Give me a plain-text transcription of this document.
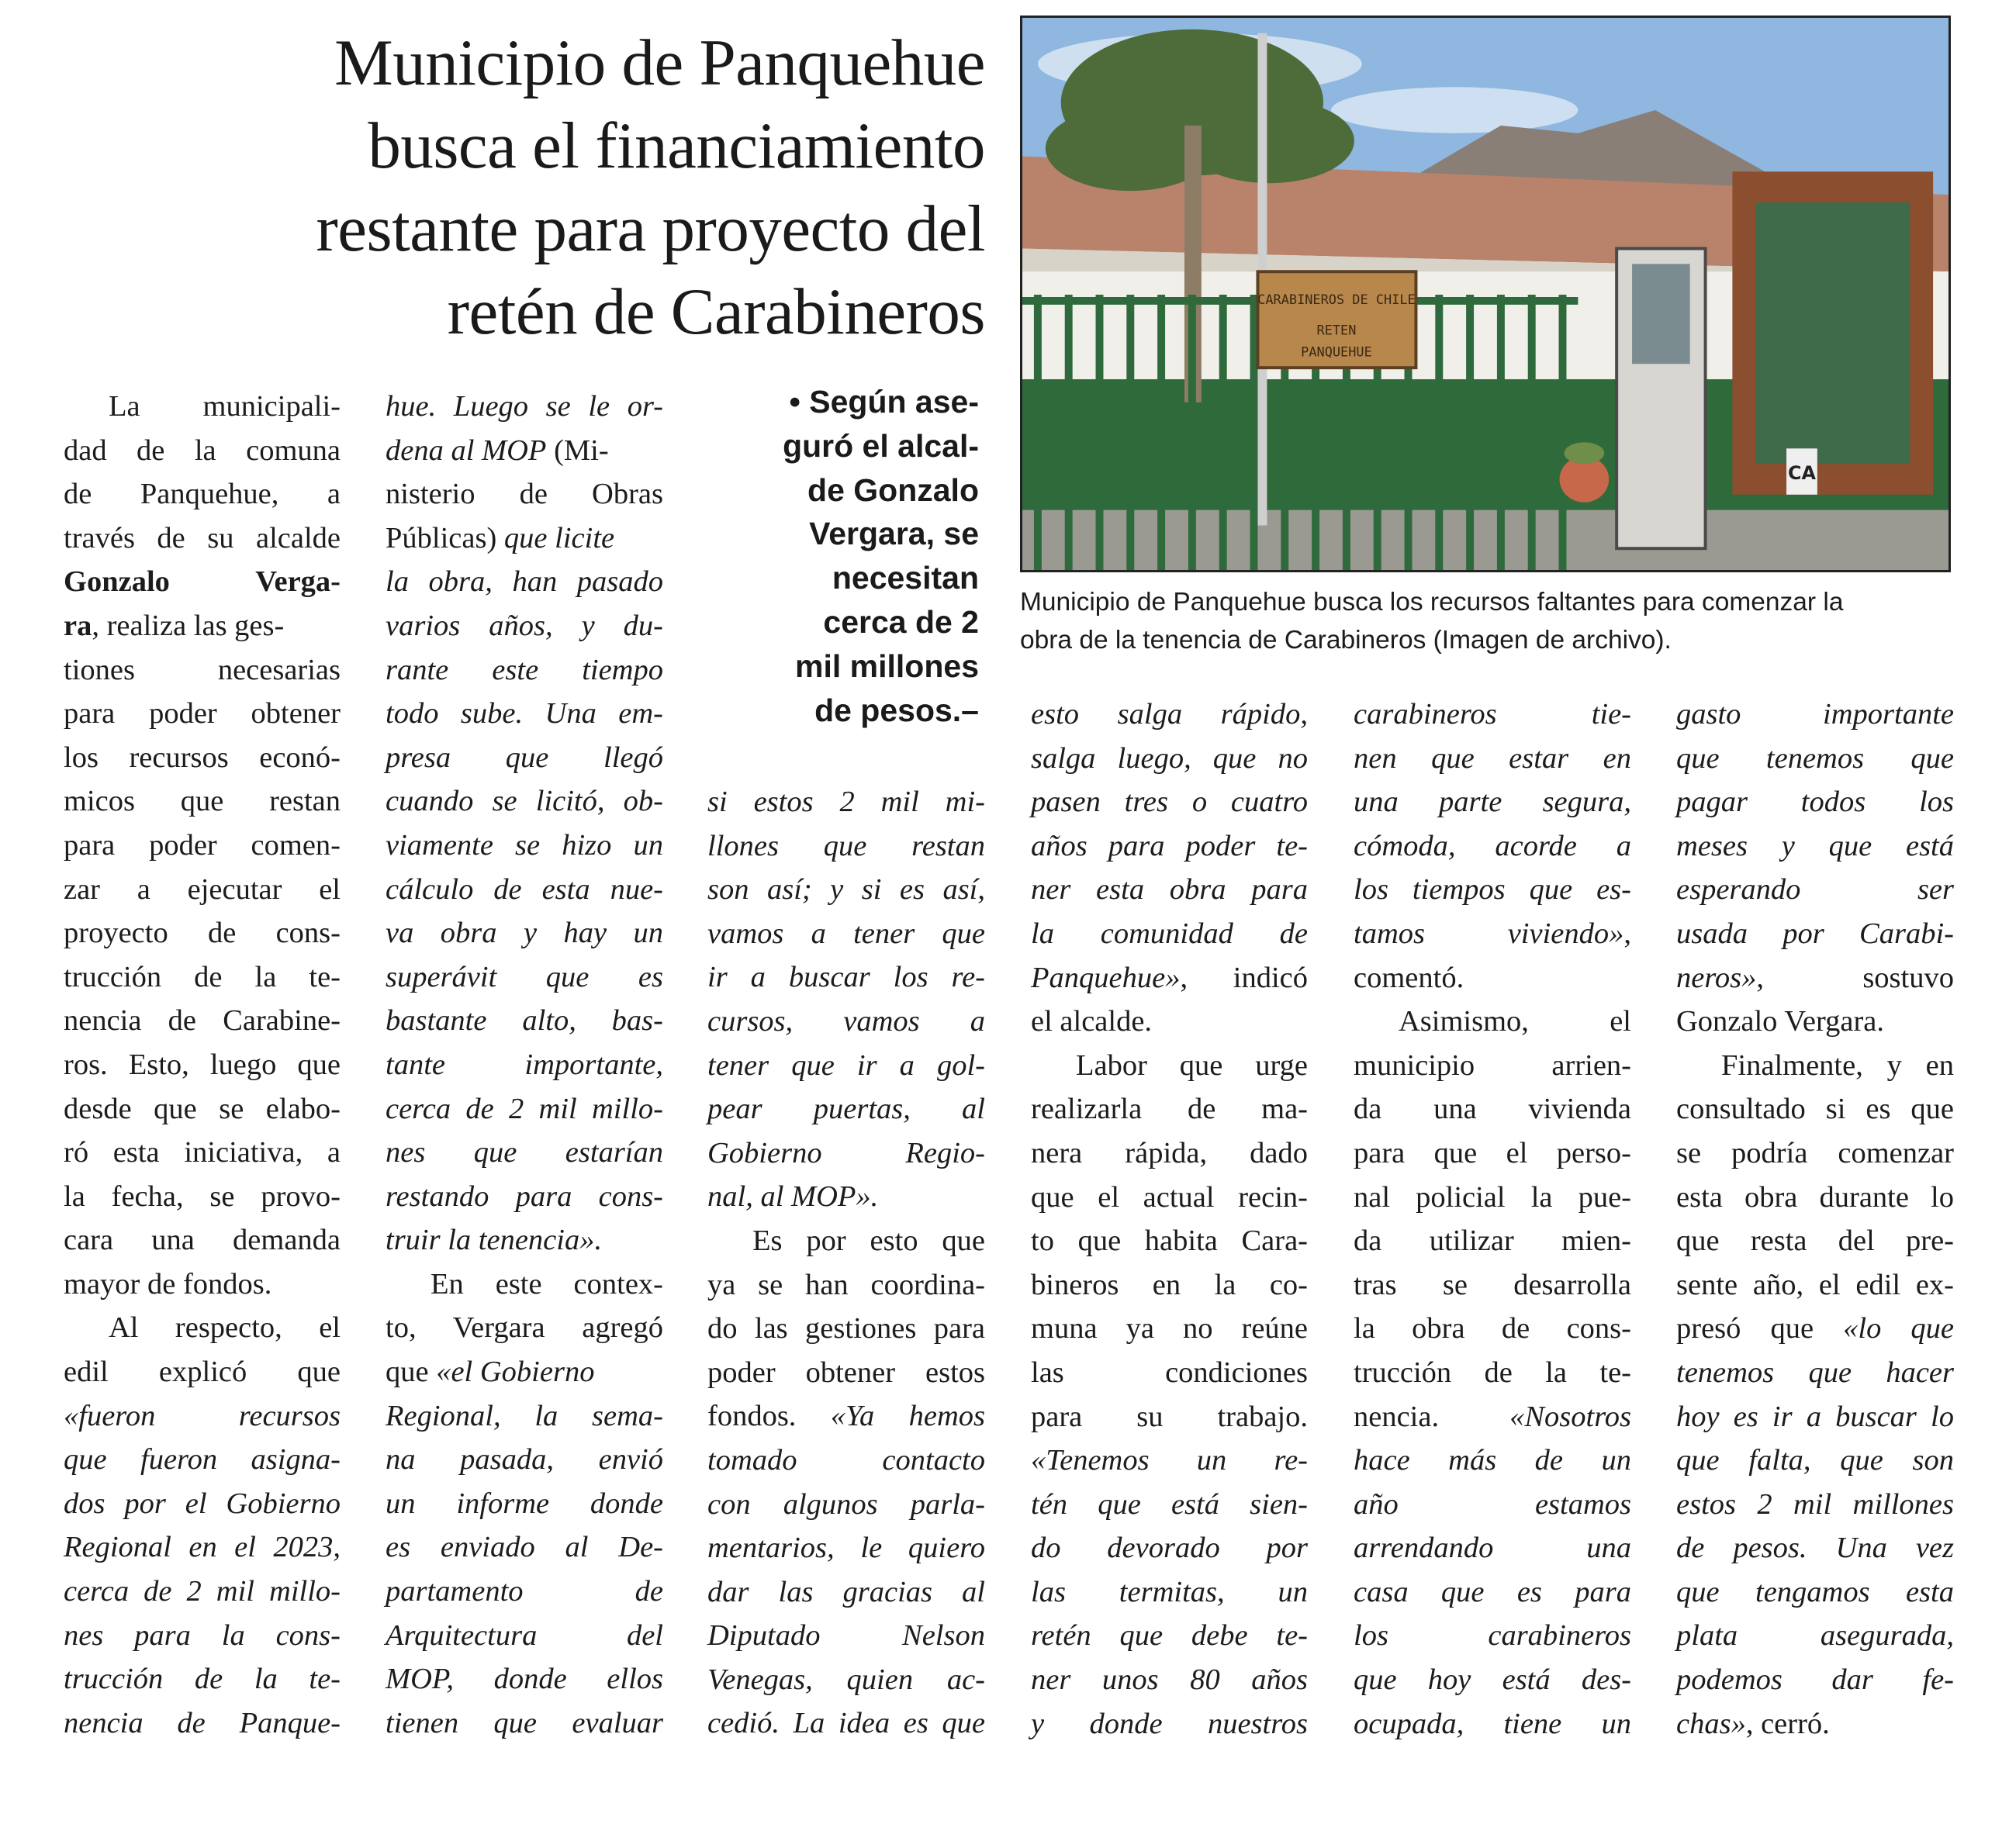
Municipio de Panquehue
busca el financiamiento
restante para proyecto del
retén de Carabineros	CARABINEROS DE CHILE
RETEN
PANQUEHUE
CA
Municipio de Panquehue busca los recursos faltantes para comenzar la
obra de la tenencia de Carabineros (Imagen de archivo).
La municipali-
dad de la comuna
de Panquehue, a
través de su alcalde
Gonzalo Verga-
ra, realiza las ges-
tiones necesarias
para poder obtener
los recursos econó-
micos que restan
para poder comen-
zar a ejecutar el
proyecto de cons-
trucción de la te-
nencia de Carabine-
ros. Esto, luego que
desde que se elabo-
ró esta iniciativa, a
la fecha, se provo-
cara una demanda
mayor de fondos.
Al respecto, el
edil explicó que
«fueron recursos
que fueron asigna-
dos por el Gobierno
Regional en el 2023,
cerca de 2 mil millo-
nes para la cons-
trucción de la te-
nencia de Panque-
hue. Luego se le or-
dena al MOP (Mi-
nisterio de Obras
Públicas) que licite
la obra, han pasado
varios años, y du-
rante este tiempo
todo sube. Una em-
presa que llegó
cuando se licitó, ob-
viamente se hizo un
cálculo de esta nue-
va obra y hay un
superávit que es
bastante alto, bas-
tante importante,
cerca de 2 mil millo-
nes que estarían
restando para cons-
truir la tenencia».
En este contex-
to, Vergara agregó
que «el Gobierno
Regional, la sema-
na pasada, envió
un informe donde
es enviado al De-
partamento de
Arquitectura del
MOP, donde ellos
tienen que evaluar
• Según ase-
guró el alcal-
de Gonzalo
Vergara, se
necesitan
cerca de 2
mil millones
de pesos.–
si estos 2 mil mi-
llones que restan
son así; y si es así,
vamos a tener que
ir a buscar los re-
cursos, vamos a
tener que ir a gol-
pear puertas, al
Gobierno Regio-
nal, al MOP».
Es por esto que
ya se han coordina-
do las gestiones para
poder obtener estos
fondos. «Ya hemos
tomado contacto
con algunos parla-
mentarios, le quiero
dar las gracias al
Diputado Nelson
Venegas, quien ac-
cedió. La idea es que
esto salga rápido,
salga luego, que no
pasen tres o cuatro
años para poder te-
ner esta obra para
la comunidad de
Panquehue», indicó
el alcalde.
Labor que urge
realizarla de ma-
nera rápida, dado
que el actual recin-
to que habita Cara-
bineros en la co-
muna ya no reúne
las condiciones
para su trabajo.
«Tenemos un re-
tén que está sien-
do devorado por
las termitas, un
retén que debe te-
ner unos 80 años
y donde nuestros
carabineros tie-
nen que estar en
una parte segura,
cómoda, acorde a
los tiempos que es-
tamos viviendo»,
comentó.
Asimismo, el
municipio arrien-
da una vivienda
para que el perso-
nal policial la pue-
da utilizar mien-
tras se desarrolla
la obra de cons-
trucción de la te-
nencia. «Nosotros
hace más de un
año estamos
arrendando una
casa que es para
los carabineros
que hoy está des-
ocupada, tiene un
gasto importante
que tenemos que
pagar todos los
meses y que está
esperando ser
usada por Carabi-
neros», sostuvo
Gonzalo Vergara.
Finalmente, y en
consultado si es que
se podría comenzar
esta obra durante lo
que resta del pre-
sente año, el edil ex-
presó que «lo que
tenemos que hacer
hoy es ir a buscar lo
que falta, que son
estos 2 mil millones
de pesos. Una vez
que tengamos esta
plata asegurada,
podemos dar fe-
chas», cerró.
